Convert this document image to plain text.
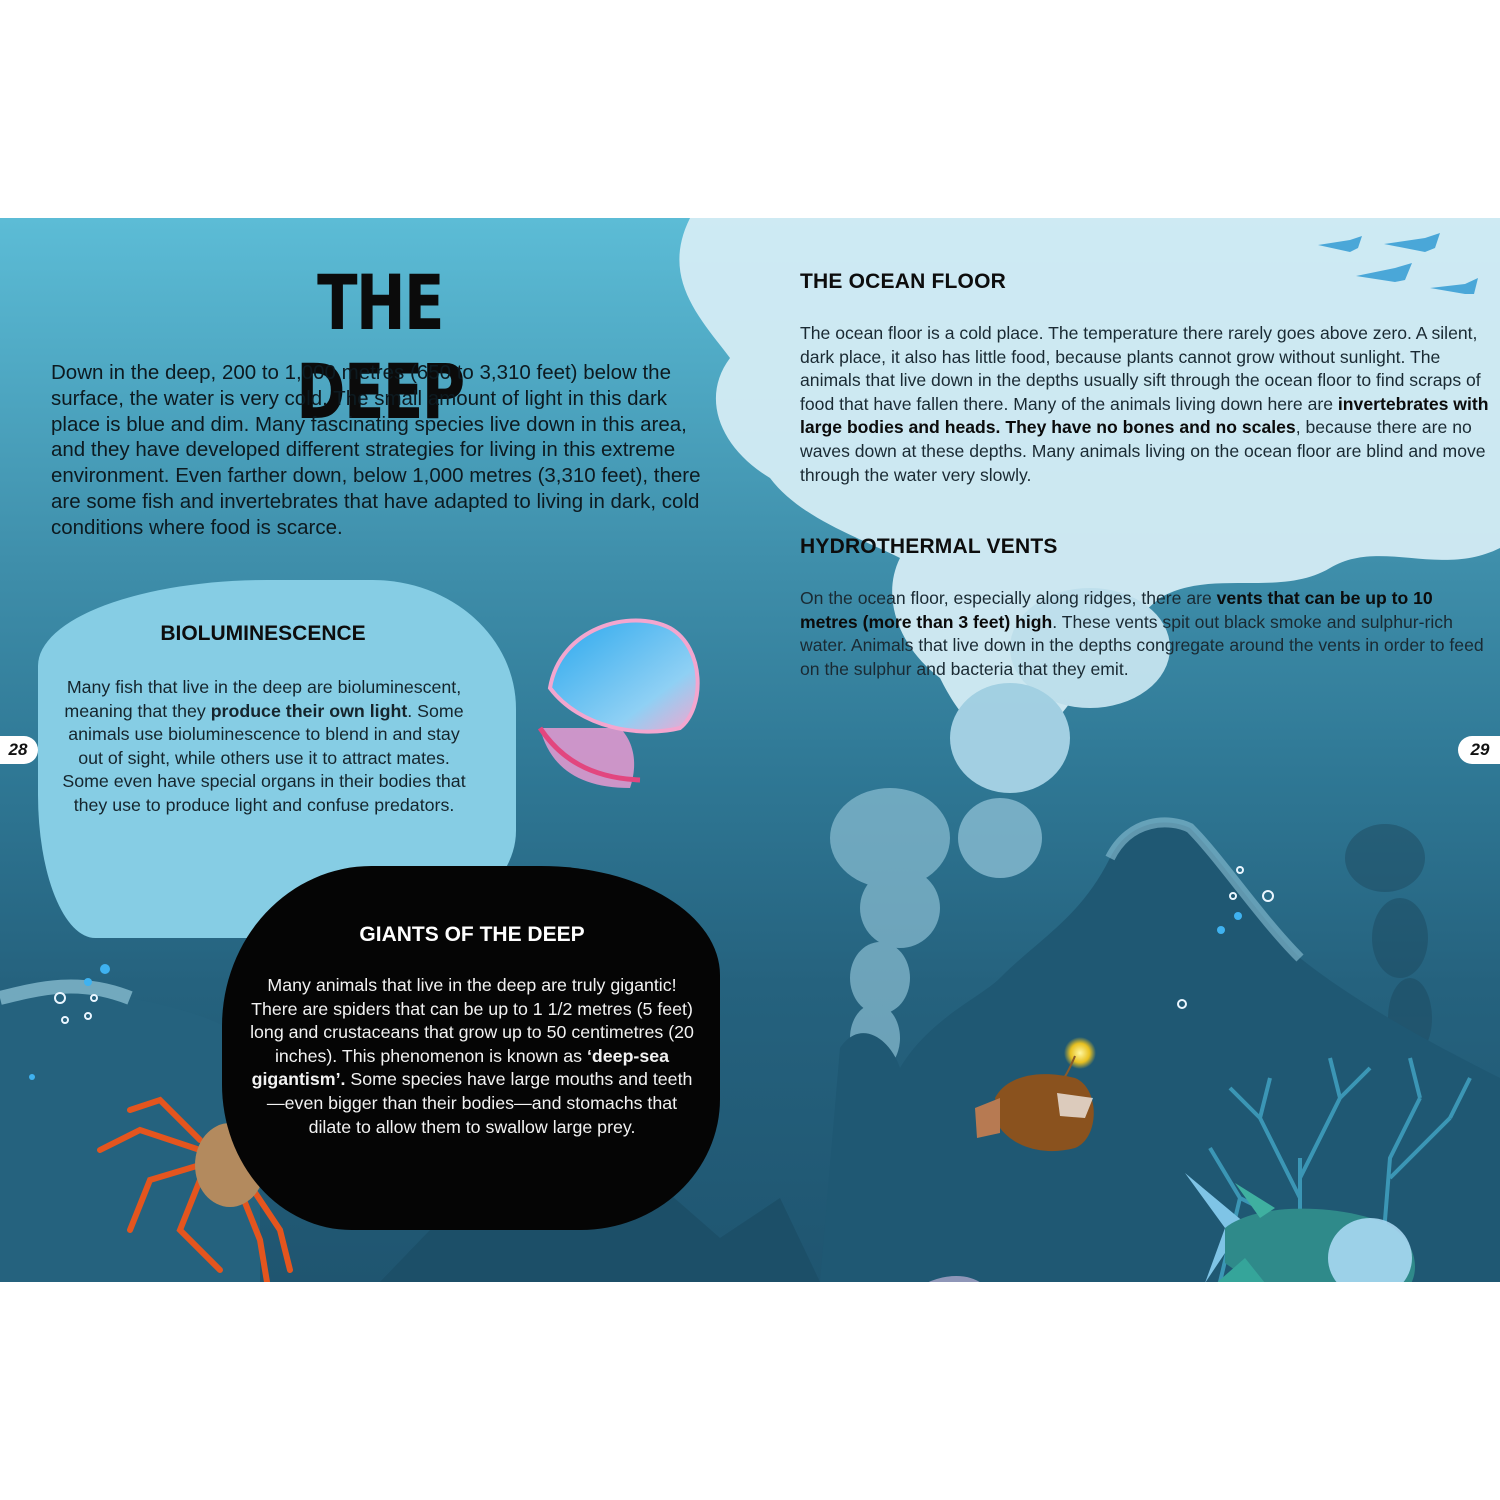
THE DEEP
Down in the deep, 200 to 1,000 metres (650 to 3,310 feet) below the surface, the water is very cold. The small amount of light in this dark place is blue and dim. Many fascinating species live down in this area, and they have developed different strategies for living in this extreme environment. Even farther down, below 1,000 metres (3,310 feet), there are some fish and invertebrates that have adapted to living in dark, cold conditions where food is scarce.
BIOLUMINESCENCE
Many fish that live in the deep are bioluminescent, meaning that they produce their own light. Some animals use bioluminescence to blend in and stay out of sight, while others use it to attract mates. Some even have special organs in their bodies that they use to produce light and confuse predators.
GIANTS OF THE DEEP
Many animals that live in the deep are truly gigantic! There are spiders that can be up to 1 1/2 metres (5 feet) long and crustaceans that grow up to 50 centimetres (20 inches). This phenomenon is known as ‘deep-sea gigantism’. Some species have large mouths and teeth—even bigger than their bodies—and stomachs that dilate to allow them to swallow large prey.
THE OCEAN FLOOR
The ocean floor is a cold place. The temperature there rarely goes above zero. A silent, dark place, it also has little food, because plants cannot grow without sunlight. The animals that live down in the depths usually sift through the ocean floor to find scraps of food that have fallen there. Many of the animals living down here are invertebrates with large bodies and heads. They have no bones and no scales, because there are no waves down at these depths. Many animals living on the ocean floor are blind and move through the water very slowly.
HYDROTHERMAL VENTS
On the ocean floor, especially along ridges, there are vents that can be up to 10 metres (more than 3 feet) high. These vents spit out black smoke and sulphur-rich water. Animals that live down in the depths congregate around the vents in order to feed on the sulphur and bacteria that they emit.
28	29
